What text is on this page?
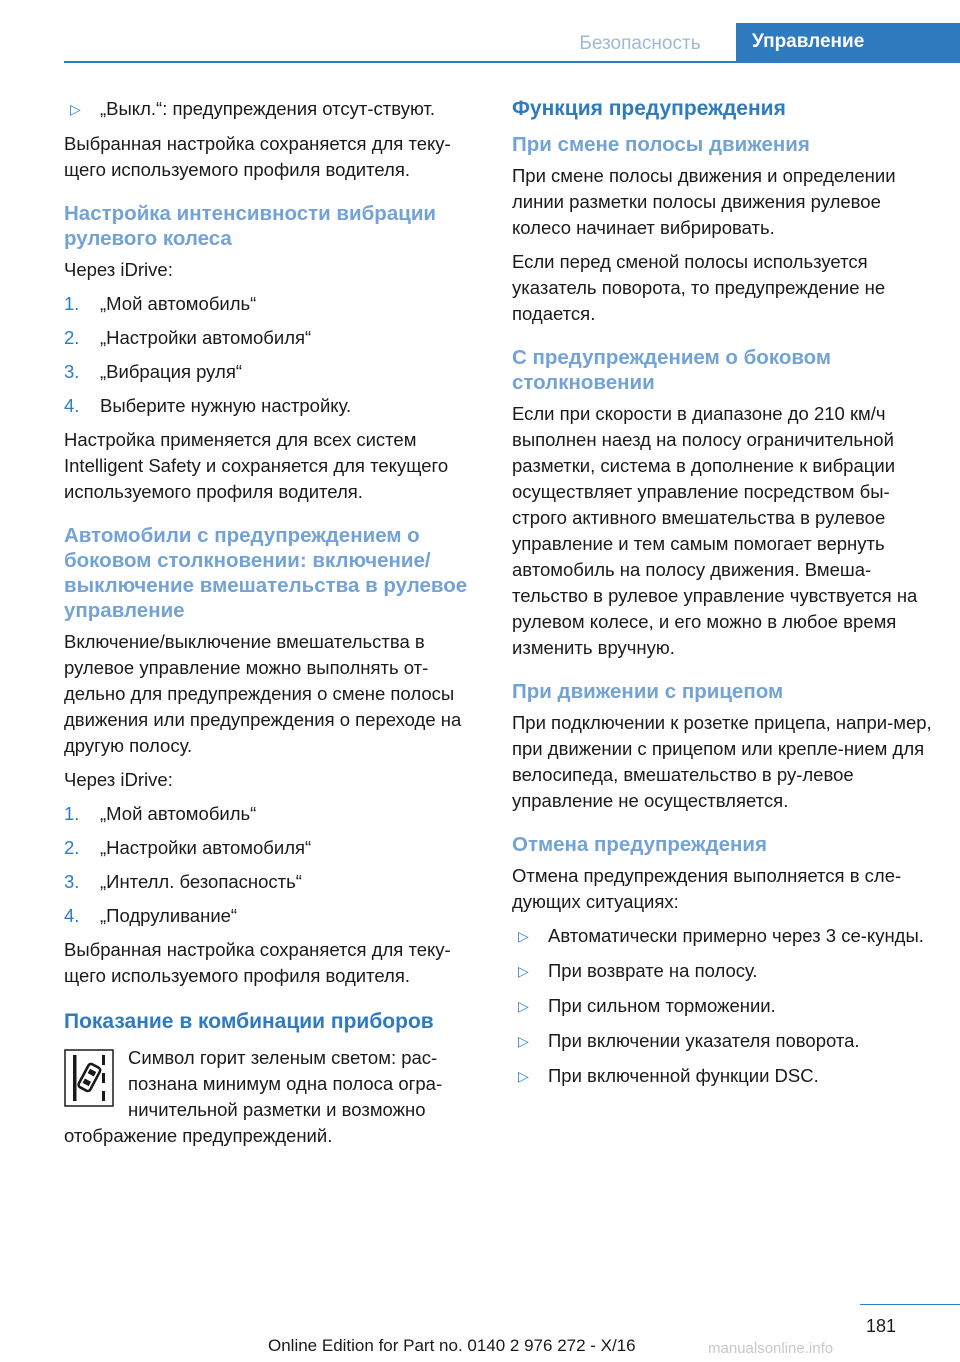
Безопасность	Управление
▷ „Выкл.“: предупреждения отсут‐ствуют.

Выбранная настройка сохраняется для теку‐щего используемого профиля водителя.

Настройка интенсивности вибрации рулевого колеса

Через iDrive:

1. „Мой автомобиль“
2. „Настройки автомобиля“
3. „Вибрация руля“
4. Выберите нужную настройку.

Настройка применяется для всех систем Intelligent Safety и сохраняется для текущего используемого профиля водителя.

Автомобили с предупреждением о боковом столкновении: включение/выключение вмешательства в рулевое управление

Включение/выключение вмешательства в рулевое управление можно выполнять от‐дельно для предупреждения о смене полосы движения или предупреждения о переходе на другую полосу.

Через iDrive:

1. „Мой автомобиль“
2. „Настройки автомобиля“
3. „Интелл. безопасность“
4. „Подруливание“

Выбранная настройка сохраняется для теку‐щего используемого профиля водителя.

Показание в комбинации приборов

Символ горит зеленым светом: рас‐познана минимум одна полоса огра‐ничительной разметки и возможно отображение предупреждений.

Функция предупреждения
При смене полосы движения

При смене полосы движения и определении линии разметки полосы движения рулевое колесо начинает вибрировать.

Если перед сменой полосы используется указатель поворота, то предупреждение не подается.

С предупреждением о боковом столкновении

Если при скорости в диапазоне до 210 км/ч выполнен наезд на полосу ограничительной разметки, система в дополнение к вибрации осуществляет управление посредством бы‐строго активного вмешательства в рулевое управление и тем самым помогает вернуть автомобиль на полосу движения. Вмеша‐тельство в рулевое управление чувствуется на рулевом колесе, и его можно в любое время изменить вручную.

При движении с прицепом

При подключении к розетке прицепа, напри‐мер, при движении с прицепом или крепле‐нием для велосипеда, вмешательство в ру‐левое управление не осуществляется.

Отмена предупреждения

Отмена предупреждения выполняется в сле‐дующих ситуациях:

▷ Автоматически примерно через 3 се‐кунды.
▷ При возврате на полосу.
▷ При сильном торможении.
▷ При включении указателя поворота.
▷ При включенной функции DSC.
181
Online Edition for Part no. 0140 2 976 272 - X/16	manualsonline.info
